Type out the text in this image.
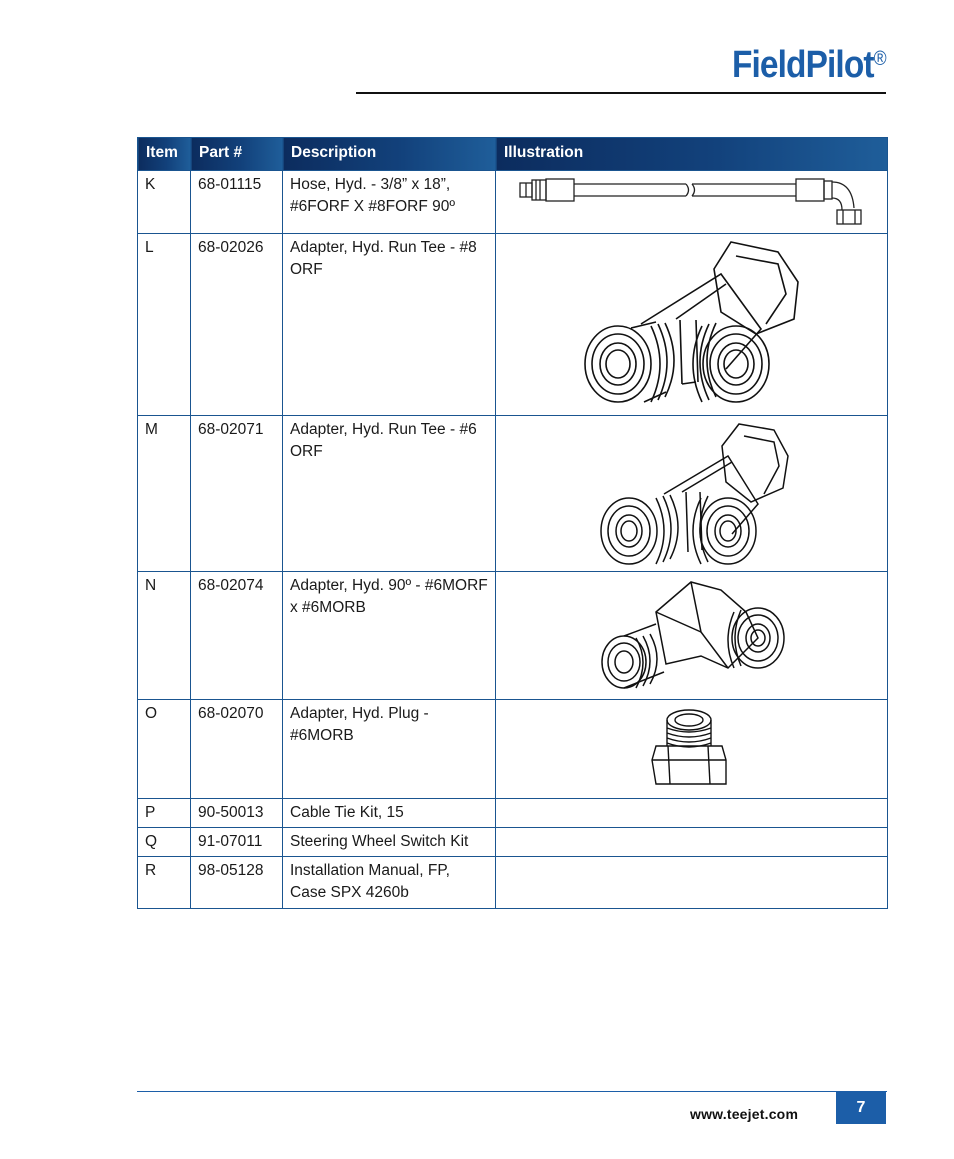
FieldPilot®
Item	Part #	Description	Illustration
K	68-01115	Hose, Hyd. - 3/8” x 18”,
#6FORF X #8FORF 90º	

L	68-02026	Adapter, Hyd. Run Tee - #8
ORF	

M	68-02071	Adapter, Hyd. Run Tee - #6
ORF	

N	68-02074	Adapter, Hyd. 90º - #6MORF
x #6MORB	

O	68-02070	Adapter, Hyd. Plug -
#6MORB	

P	90-50013	Cable Tie Kit, 15	
Q	91-07011	Steering Wheel Switch Kit	
R	98-05128	Installation Manual, FP,
Case SPX 4260b	
www.teejet.com	7
